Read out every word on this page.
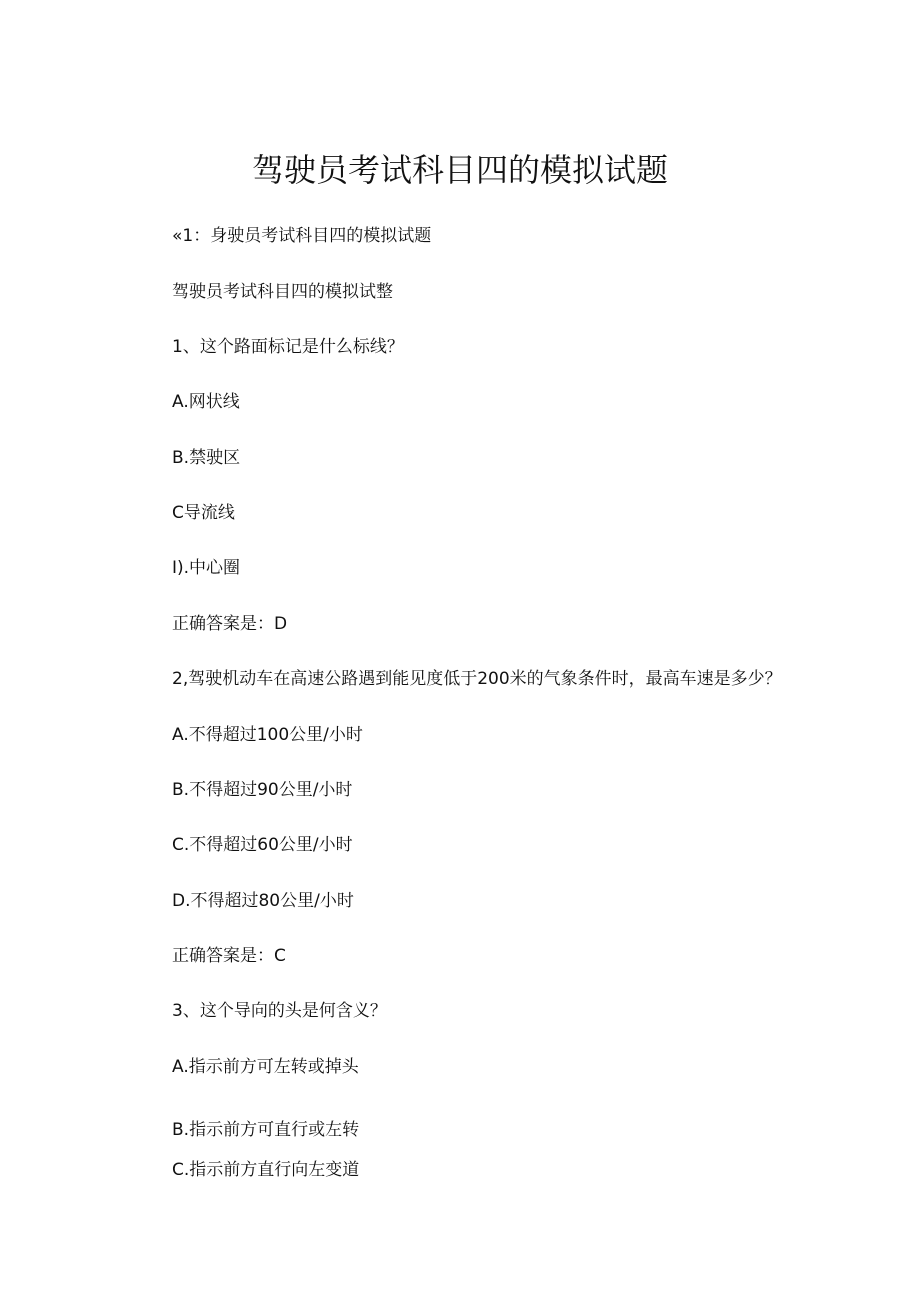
驾驶员考试科目四的模拟试题
«1：身驶员考试科目四的模拟试题
驾驶员考试科目四的模拟试整
1、这个路面标记是什么标线？
A.网状线
B.禁驶区
C导流线
I).中心圈
正确答案是：D
2,驾驶机动车在高速公路遇到能见度低于200米的气象条件时，最高车速是多少？
A.不得超过100公里/小时
B.不得超过90公里/小时
C.不得超过60公里/小时
D.不得超过80公里/小时
正确答案是：C
3、这个导向的头是何含义？
A.指示前方可左转或掉头
B.指示前方可直行或左转
C.指示前方直行向左变道
